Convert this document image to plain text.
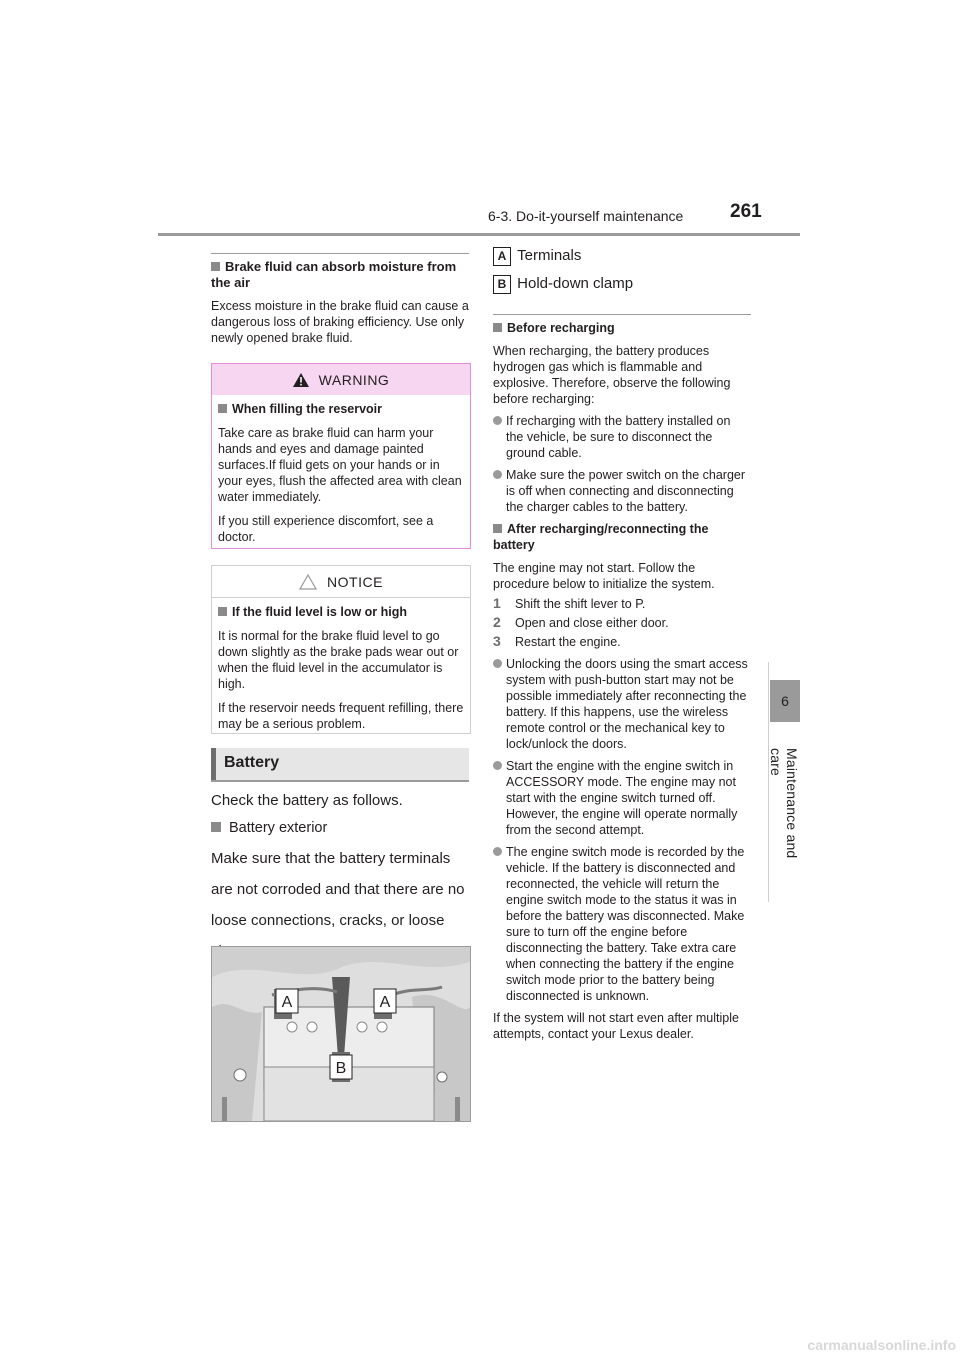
6-3. Do-it-yourself maintenance 261
6
Maintenance and care
Brake fluid can absorb moisture from the air
Excess moisture in the brake fluid can cause a dangerous loss of braking efficiency. Use only newly opened brake fluid.
WARNING
When filling the reservoir
Take care as brake fluid can harm your hands and eyes and damage painted surfaces.If fluid gets on your hands or in your eyes, flush the affected area with clean water immediately.
If you still experience discomfort, see a doctor.
NOTICE
If the fluid level is low or high
It is normal for the brake fluid level to go down slightly as the brake pads wear out or when the fluid level in the accumulator is high.
If the reservoir needs frequent refilling, there may be a serious problem.
Battery
Check the battery as follows.
Battery exterior
Make sure that the battery terminals are not corroded and that there are no loose connections, cracks, or loose
A	A
B
A Terminals
B Hold-down clamp
Before recharging
When recharging, the battery produces hydrogen gas which is flammable and explosive. Therefore, observe the following before recharging:
If recharging with the battery installed on the vehicle, be sure to disconnect the ground cable.
Make sure the power switch on the charger is off when connecting and disconnecting the charger cables to the battery.
After recharging/reconnecting the battery
The engine may not start. Follow the procedure below to initialize the system.
1 Shift the shift lever to P.
2 Open and close either door.
3 Restart the engine.
Unlocking the doors using the smart access system with push-button start may not be possible immediately after reconnecting the battery. If this happens, use the wireless remote control or the mechanical key to lock/unlock the doors.
Start the engine with the engine switch in ACCESSORY mode. The engine may not start with the engine switch turned off. However, the engine will operate normally from the second attempt.
The engine switch mode is recorded by the vehicle. If the battery is disconnected and reconnected, the vehicle will return the engine switch mode to the status it was in before the battery was disconnected. Make sure to turn off the engine before disconnecting the battery. Take extra care when connecting the battery if the engine switch mode prior to the battery being disconnected is unknown.
If the system will not start even after multiple attempts, contact your Lexus dealer.
carmanualsonline.info
